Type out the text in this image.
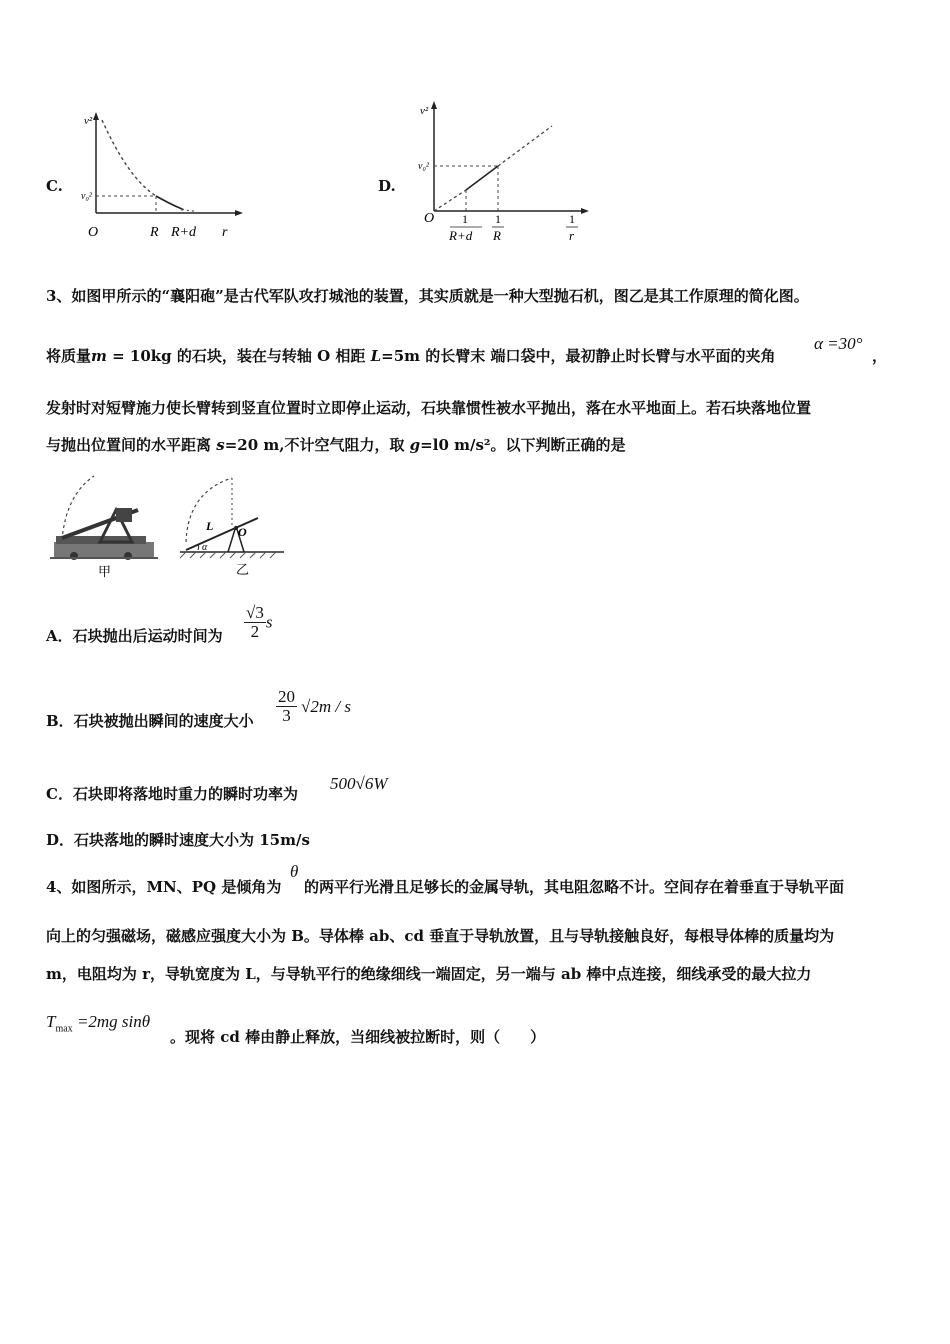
C.
v²
v₀²
O	R R+d r
D.
v²
v₀²
O 1
R+d
1
R
1
r
3、如图甲所示的“襄阳砲”是古代军队攻打城池的装置，其实质就是一种大型抛石机，图乙是其工作原理的简化图。
将质量m = 10kg 的石块，装在与转轴 O 相距 L=5m 的长臂末 端口袋中，最初静止时长臂与水平面的夹角
α =30°
，
发射时对短臂施力使长臂转到竖直位置时立即停止运动，石块靠惯性被水平抛出，落在水平地面上。若石块落地位置
与抛出位置间的水平距离 s=20 m,不计空气阻力，取 g=l0 m/s²。以下判断正确的是
甲
L O
α
乙
A．石块抛出后运动时间为 $\frac{√3}{2}$ s
B．石块被抛出瞬间的速度大小 $\frac{20}{3} √2m$ / s
C．石块即将落地时重力的瞬时功率为
500√6W
D．石块落地的瞬时速度大小为 15m/s
4、如图所示，MN、PQ 是倾角为
θ
的两平行光滑且足够长的金属导轨，其电阻忽略不计。空间存在着垂直于导轨平面
向上的匀强磁场，磁感应强度大小为 B。导体棒 ab、cd 垂直于导轨放置，且与导轨接触良好，每根导体棒的质量均为
m，电阻均为 r，导轨宽度为 L，与导轨平行的绝缘细线一端固定，另一端与 ab 棒中点连接，细线承受的最大拉力
$T_{max} =2mg$ sinθ
。现将 cd 棒由静止释放，当细线被拉断时，则（　　）
